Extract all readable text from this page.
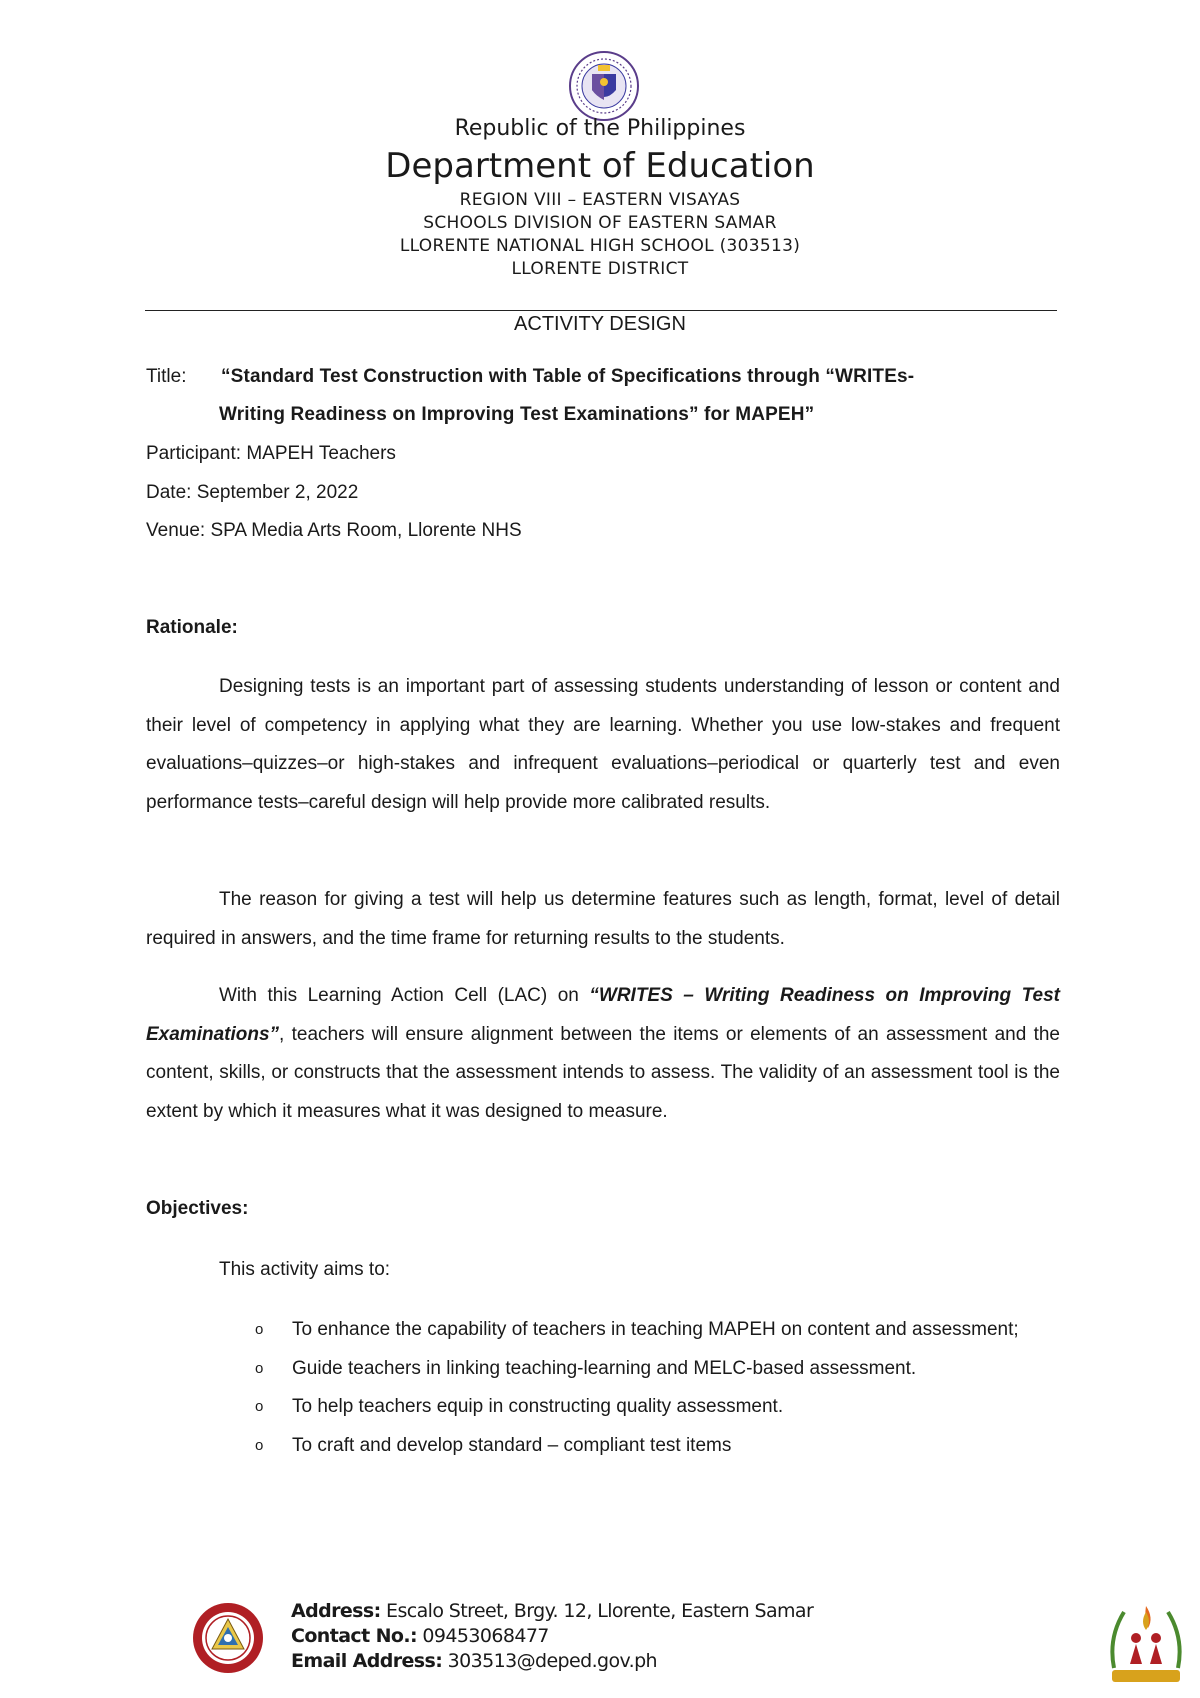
Republic of the Philippines
Department of Education
REGION VIII – EASTERN VISAYAS
SCHOOLS DIVISION OF EASTERN SAMAR
LLORENTE NATIONAL HIGH SCHOOL (303513)
LLORENTE DISTRICT
ACTIVITY DESIGN
Title: “Standard Test Construction with Table of Specifications through “WRITEs-
Writing Readiness on Improving Test Examinations” for MAPEH”
Participant: MAPEH Teachers
Date: September 2, 2022
Venue: SPA Media Arts Room, Llorente NHS
Rationale:

Designing tests is an important part of assessing students understanding of lesson or content and their level of competency in applying what they are learning. Whether you use low-stakes and frequent evaluations–quizzes–or high-stakes and infrequent evaluations–periodical or quarterly test and even performance tests–careful design will help provide more calibrated results.

The reason for giving a test will help us determine features such as length, format, level of detail required in answers, and the time frame for returning results to the students.

With this Learning Action Cell (LAC) on “WRITES – Writing Readiness on Improving Test Examinations”, teachers will ensure alignment between the items or elements of an assessment and the content, skills, or constructs that the assessment intends to assess. The validity of an assessment tool is the extent by which it measures what it was designed to measure.

Objectives:
This activity aims to:
o To enhance the capability of teachers in teaching MAPEH on content and assessment;
o Guide teachers in linking teaching-learning and MELC-based assessment.
o To help teachers equip in constructing quality assessment.
o To craft and develop standard – compliant test items
Address: Escalo Street, Brgy. 12, Llorente, Eastern Samar
Contact No.: 09453068477
Email Address: 303513@deped.gov.ph
